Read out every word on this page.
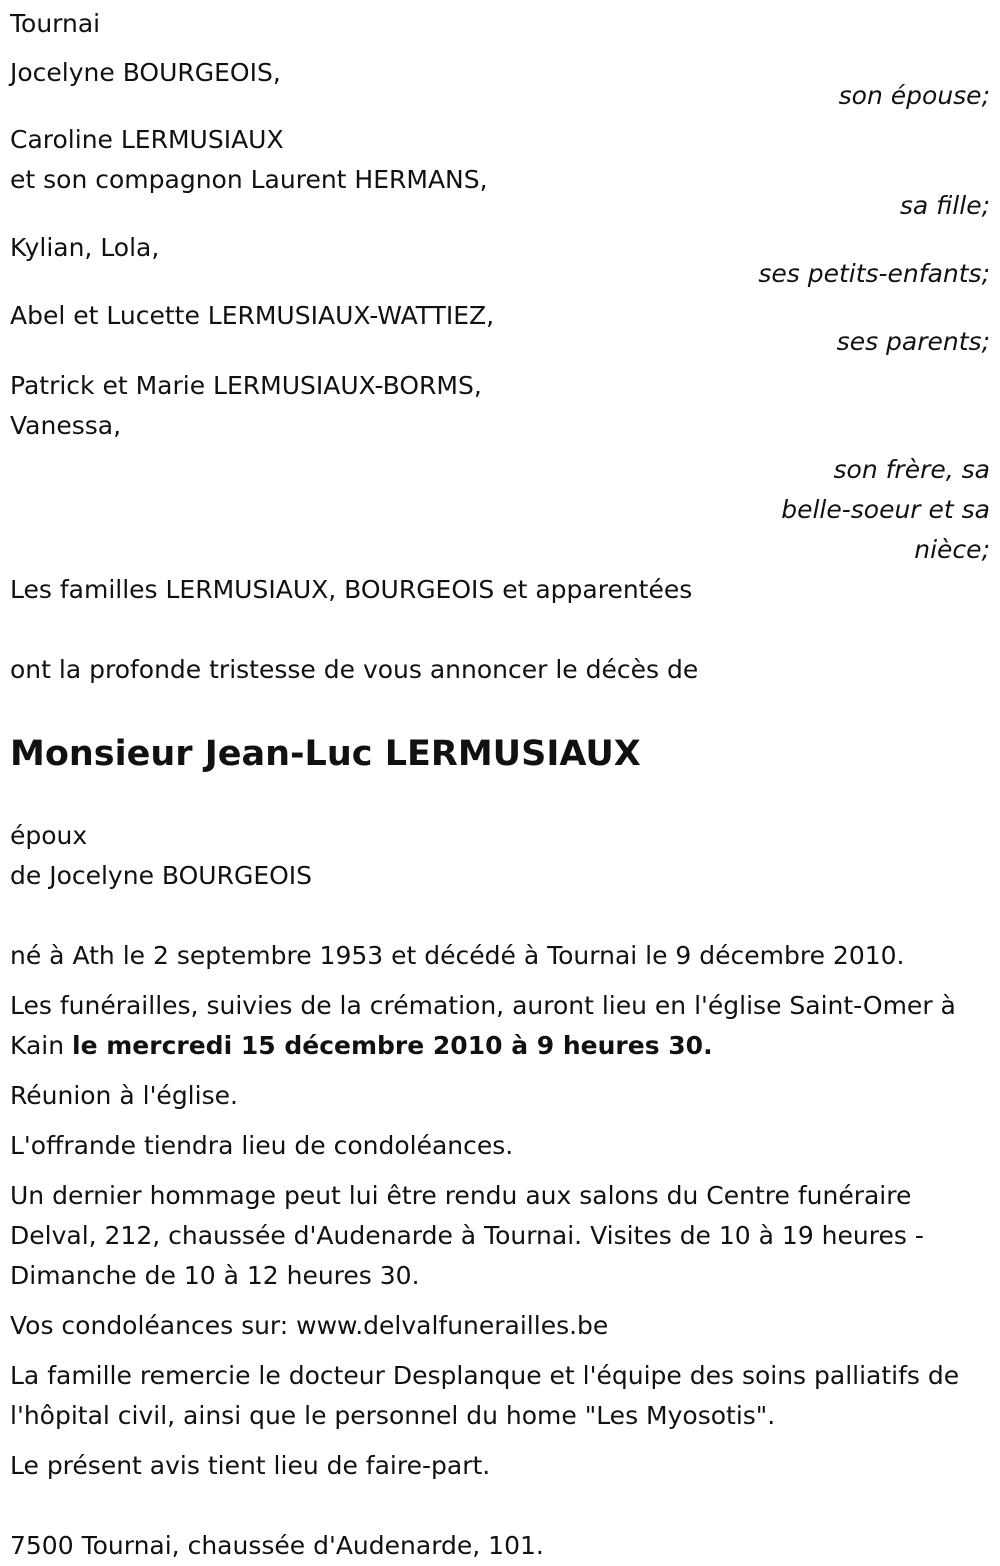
Tournai
Jocelyne BOURGEOIS,
son épouse;
Caroline LERMUSIAUX
et son compagnon Laurent HERMANS,
sa fille;
Kylian, Lola,
ses petits-enfants;
Abel et Lucette LERMUSIAUX-WATTIEZ,
ses parents;
Patrick et Marie LERMUSIAUX-BORMS,
Vanessa,
son frère, sa
belle-soeur et sa
nièce;
Les familles LERMUSIAUX, BOURGEOIS et apparentées
ont la profonde tristesse de vous annoncer le décès de
Monsieur Jean-Luc LERMUSIAUX
époux
de Jocelyne BOURGEOIS
né à Ath le 2 septembre 1953 et décédé à Tournai le 9 décembre 2010.
Les funérailles, suivies de la crémation, auront lieu en l'église Saint-Omer à Kain le mercredi 15 décembre 2010 à 9 heures 30.
Réunion à l'église.
L'offrande tiendra lieu de condoléances.
Un dernier hommage peut lui être rendu aux salons du Centre funéraire Delval, 212, chaussée d'Audenarde à Tournai. Visites de 10 à 19 heures - Dimanche de 10 à 12 heures 30.
Vos condoléances sur: www.delvalfunerailles.be
La famille remercie le docteur Desplanque et l'équipe des soins palliatifs de l'hôpital civil, ainsi que le personnel du home "Les Myosotis".
Le présent avis tient lieu de faire-part.
7500 Tournai, chaussée d'Audenarde, 101.
